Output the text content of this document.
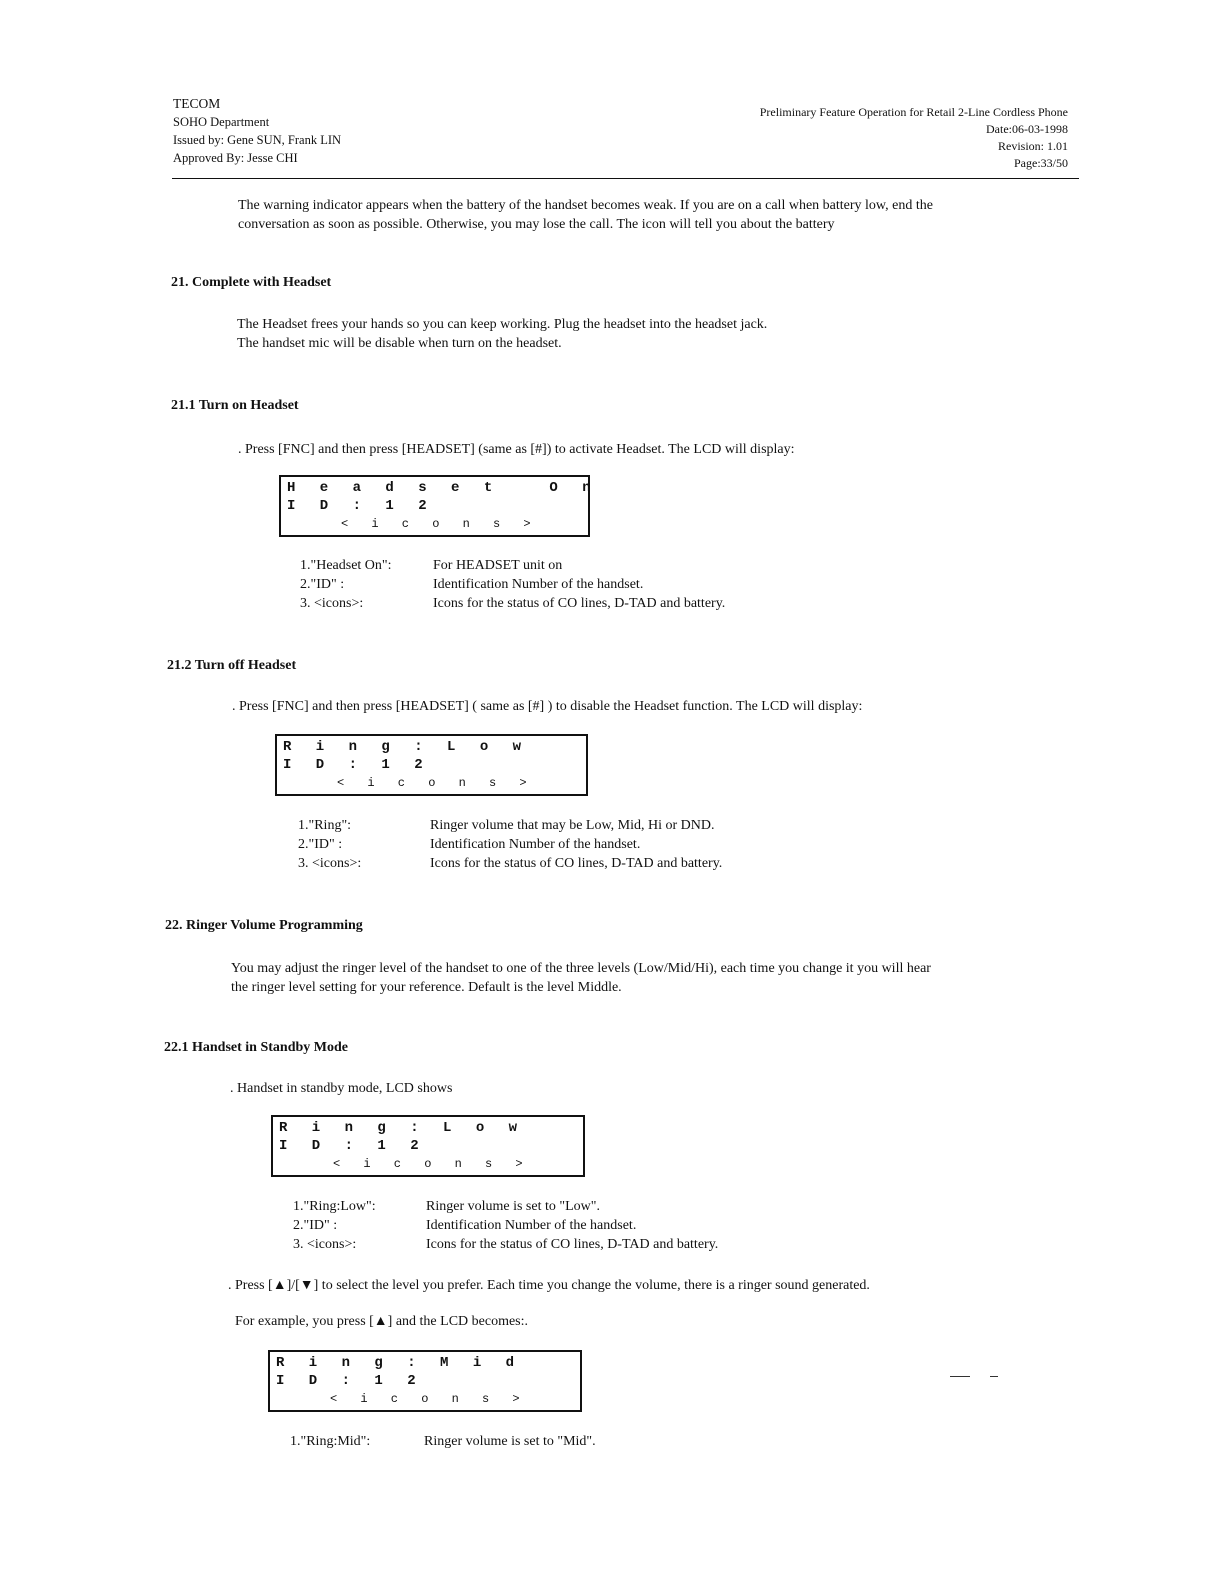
TECOM
SOHO Department
Issued by: Gene SUN, Frank LIN
Approved By: Jesse CHI
Preliminary Feature Operation for Retail 2-Line Cordless Phone
Date:06-03-1998
Revision: 1.01
Page:33/50
The warning indicator appears when the battery of the handset becomes weak. If you are on a call when battery low, end the
conversation as soon as possible. Otherwise, you may lose the call. The icon will tell you about the battery
21. Complete with Headset
The Headset frees your hands so you can keep working. Plug the headset into the headset jack.
The handset mic will be disable when turn on the headset.
21.1 Turn on Headset
. Press [FNC] and then press [HEADSET] (same as [#]) to activate Headset. The LCD will display:
H e a d s e t   O n
I D : 1 2
< i c o n s >
1."Headset On":	For HEADSET unit on
2."ID" :	Identification Number of the handset.
3. <icons>:	Icons for the status of CO lines, D-TAD and battery.
21.2 Turn off Headset
. Press [FNC] and then press [HEADSET] ( same as [#] ) to disable the Headset function. The LCD will display:
R i n g : L o w
I D : 1 2
< i c o n s >
1."Ring":	Ringer volume that may be Low, Mid, Hi or DND.
2."ID" :	Identification Number of the handset.
3. <icons>:	Icons for the status of CO lines, D-TAD and battery.
22. Ringer Volume Programming
You may adjust the ringer level of the handset to one of the three levels (Low/Mid/Hi), each time you change it you will hear
the ringer level setting for your reference. Default is the level Middle.
22.1 Handset in Standby Mode
. Handset in standby mode, LCD shows
R i n g : L o w
I D : 1 2
< i c o n s >
1."Ring:Low":	Ringer volume is set to "Low".
2."ID" :	Identification Number of the handset.
3. <icons>:	Icons for the status of CO lines, D-TAD and battery.
. Press [▲]/[▼] to select the level you prefer. Each time you change the volume, there is a ringer sound generated.
For example, you press [▲] and the LCD becomes:.
R i n g : M i d
I D : 1 2
< i c o n s >
1."Ring:Mid":	Ringer volume is set to "Mid".
